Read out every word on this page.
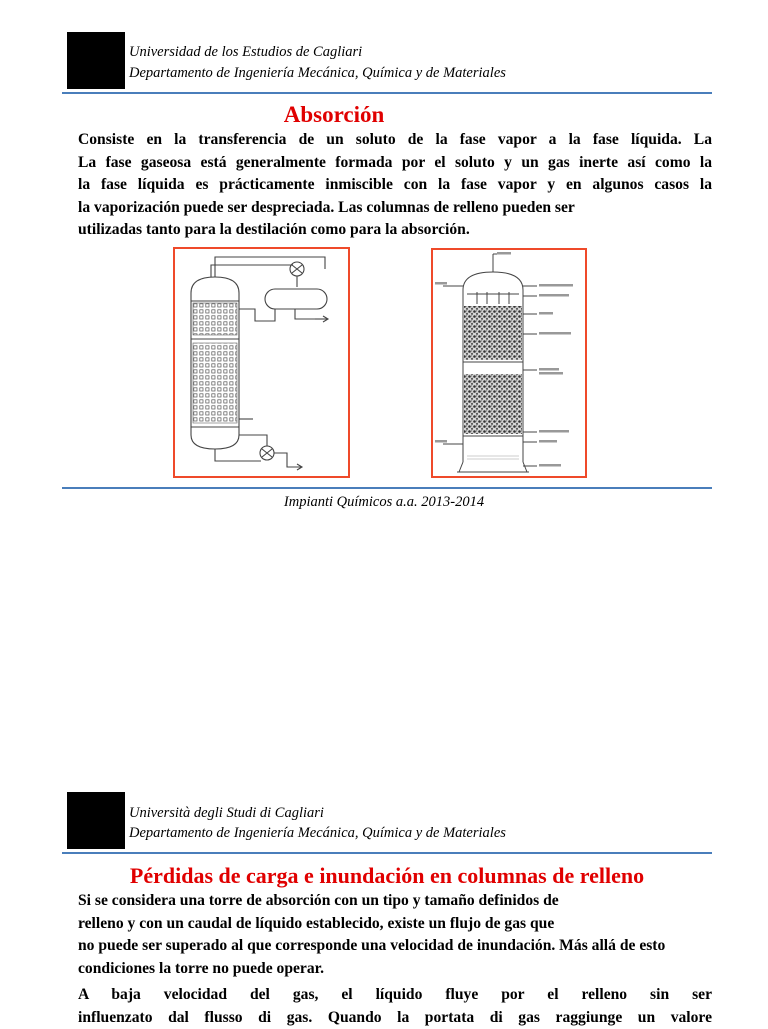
Universidad de los Estudios de Cagliari
Departamento de Ingeniería Mecánica, Química y de Materiales
Absorción

Consiste en la transferencia de un soluto de la fase vapor a la fase líquida. La

La fase gaseosa está generalmente formada por el soluto y un gas inerte así como la

la fase líquida es prácticamente inmiscible con la fase vapor y en algunos casos la

la vaporización puede ser despreciada. Las columnas de relleno pueden ser

utilizadas tanto para la destilación como para la absorción.

Impianti Químicos a.a. 2013-2014
Università degli Studi di Cagliari
Departamento de Ingeniería Mecánica, Química y de Materiales
Pérdidas de carga e inundación en columnas de relleno

Si se considera una torre de absorción con un tipo y tamaño definidos de

relleno y con un caudal de líquido establecido, existe un flujo de gas que

no puede ser superado al que corresponde una velocidad de inundación. Más allá de esto

condiciones la torre no puede operar.

A baja velocidad del gas, el líquido fluye por el relleno sin ser

influenzato dal flusso di gas. Quando la portata di gas raggiunge un valore
